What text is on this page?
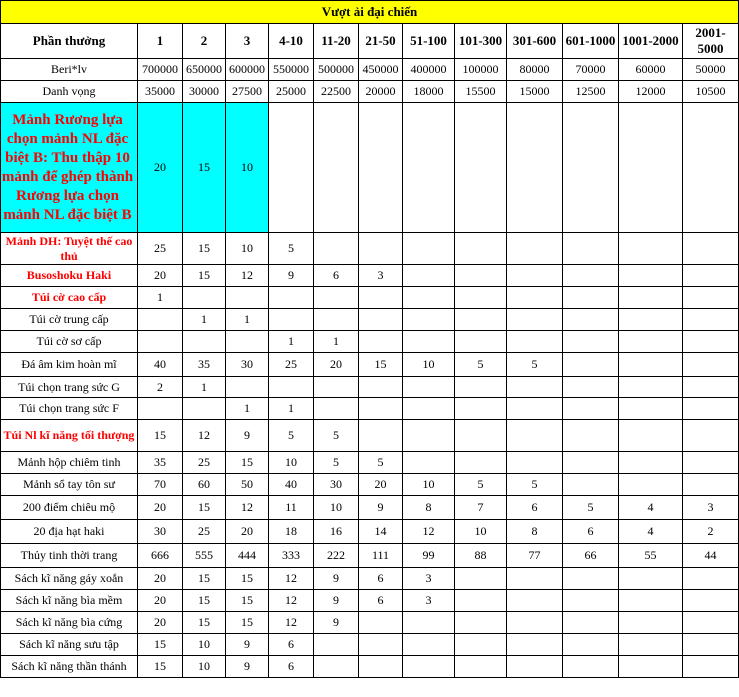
Vượt ải đại chiến												
Phần thưởng	1	2	3	4-10	11-20	21-50	51-100	101-300	301-600	601-1000	1001-2000	2001-5000
Beri*lv	700000	650000	600000	550000	500000	450000	400000	100000	80000	70000	60000	50000
Danh vọng	35000	30000	27500	25000	22500	20000	18000	15500	15000	12500	12000	10500
Mảnh Rương lựa chọn mảnh NL đặc biệt B: Thu thập 10 mảnh để ghép thành Rương lựa chọn mảnh NL đặc biệt B	20	15	10									
Mảnh DH: Tuyệt thế cao thủ	25	15	10	5								
Busoshoku Haki	20	15	12	9	6	3						
Túi cờ cao cấp	1											
Túi cờ trung cấp		1	1									
Túi cờ sơ cấp				1	1							
Đá âm kim hoàn mĩ	40	35	30	25	20	15	10	5	5			
Túi chọn trang sức G	2	1										
Túi chọn trang sức F			1	1								
Túi Nl kĩ năng tối thượng	15	12	9	5	5							
Mảnh hộp chiêm tinh	35	25	15	10	5	5						
Mảnh sổ tay tôn sư	70	60	50	40	30	20	10	5	5			
200 điểm chiêu mộ	20	15	12	11	10	9	8	7	6	5	4	3
20 địa hạt haki	30	25	20	18	16	14	12	10	8	6	4	2
Thủy tinh thời trang	666	555	444	333	222	111	99	88	77	66	55	44
Sách kĩ năng gáy xoắn	20	15	15	12	9	6	3					
Sách kĩ năng bìa mềm	20	15	15	12	9	6	3					
Sách kĩ năng bìa cứng	20	15	15	12	9							
Sách kĩ năng sưu tập	15	10	9	6								
Sách kĩ năng thần thánh	15	10	9	6								
